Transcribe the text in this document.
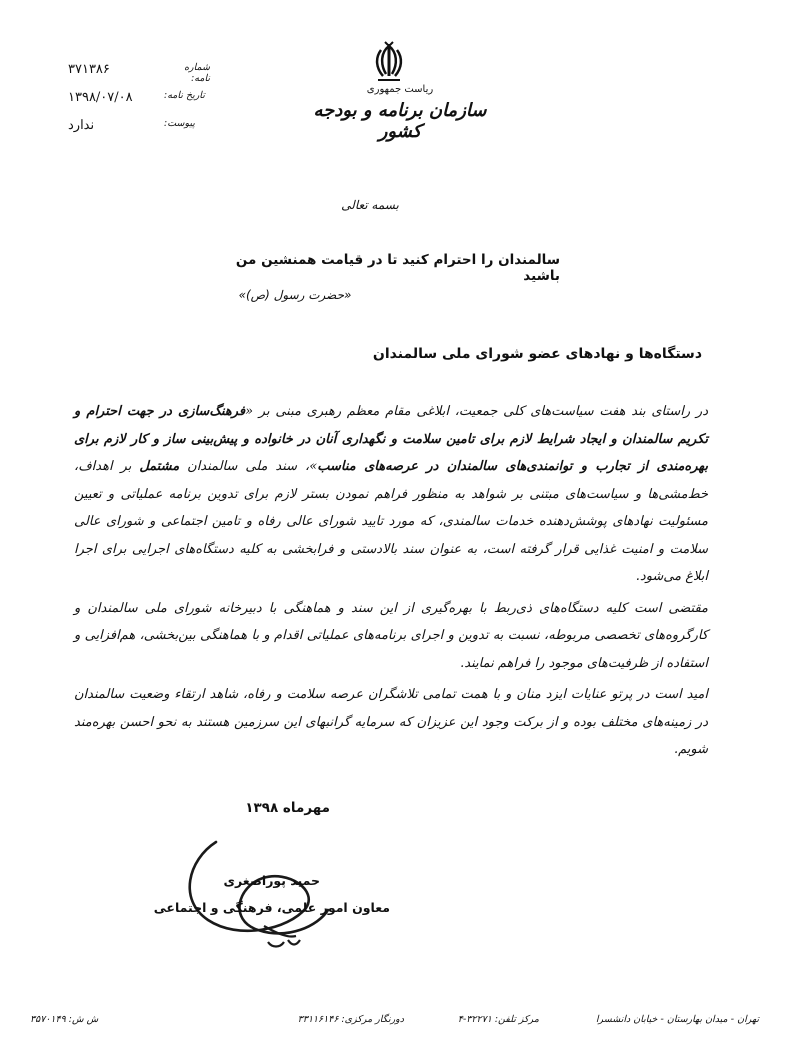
شماره نامه:
۳۷۱۳۸۶
تاریخ نامه:
۱۳۹۸/۰۷/۰۸
پیوست:
ندارد
ریاست جمهوری
سازمان برنامه و بودجه کشور
بسمه تعالی
سالمندان را احترام کنید تا در قیامت همنشین من باشید
«حضرت رسول (ص)»
دستگاه‌ها و نهادهای عضو شورای ملی سالمندان

در راستای بند هفت سیاست‌های کلی جمعیت، ابلاغی مقام معظم رهبری مبنی بر «فرهنگ‌سازی در جهت احترام و تکریم سالمندان و ایجاد شرایط لازم برای تامین سلامت و نگهداری آنان در خانواده و پیش‌بینی ساز و کار لازم برای بهره‌مندی از تجارب و توانمندی‌های سالمندان در عرصه‌های مناسب»، سند ملی سالمندان مشتمل بر اهداف، خط‌مشی‌ها و سیاست‌های مبتنی بر شواهد به منظور فراهم نمودن بستر لازم برای تدوین برنامه عملیاتی و تعیین مسئولیت نهادهای پوشش‌دهنده خدمات سالمندی، که مورد تایید شورای عالی رفاه و تامین اجتماعی و شورای عالی سلامت و امنیت غذایی قرار گرفته است، به عنوان سند بالادستی و فرابخشی به کلیه دستگاه‌های اجرایی برای اجرا ابلاغ می‌شود.

مقتضی است کلیه دستگاه‌های ذی‌ربط با بهره‌گیری از این سند و هماهنگی با دبیرخانه شورای ملی سالمندان و کارگروه‌های تخصصی مربوطه، نسبت به تدوین و اجرای برنامه‌های عملیاتی اقدام و با هماهنگی بین‌بخشی، هم‌افزایی و استفاده از ظرفیت‌های موجود را فراهم نمایند.

امید است در پرتو عنایات ایزد منان و با همت تمامی تلاشگران عرصه سلامت و رفاه، شاهد ارتقاء وضعیت سالمندان در زمینه‌های مختلف بوده و از برکت وجود این عزیزان که سرمایه گرانبهای این سرزمین هستند به نحو احسن بهره‌مند شویم.

مهرماه ۱۳۹۸
حمید پوراصغری
معاون امور علمی، فرهنگی و اجتماعی
تهران - میدان بهارستان - خیابان دانشسرا
مرکز تلفن: ۳۲۲۷۱-۴
دورنگار مرکزی: ۳۳۱۱۶۱۴۶
ش ش: ۳۵۷۰۱۴۹
